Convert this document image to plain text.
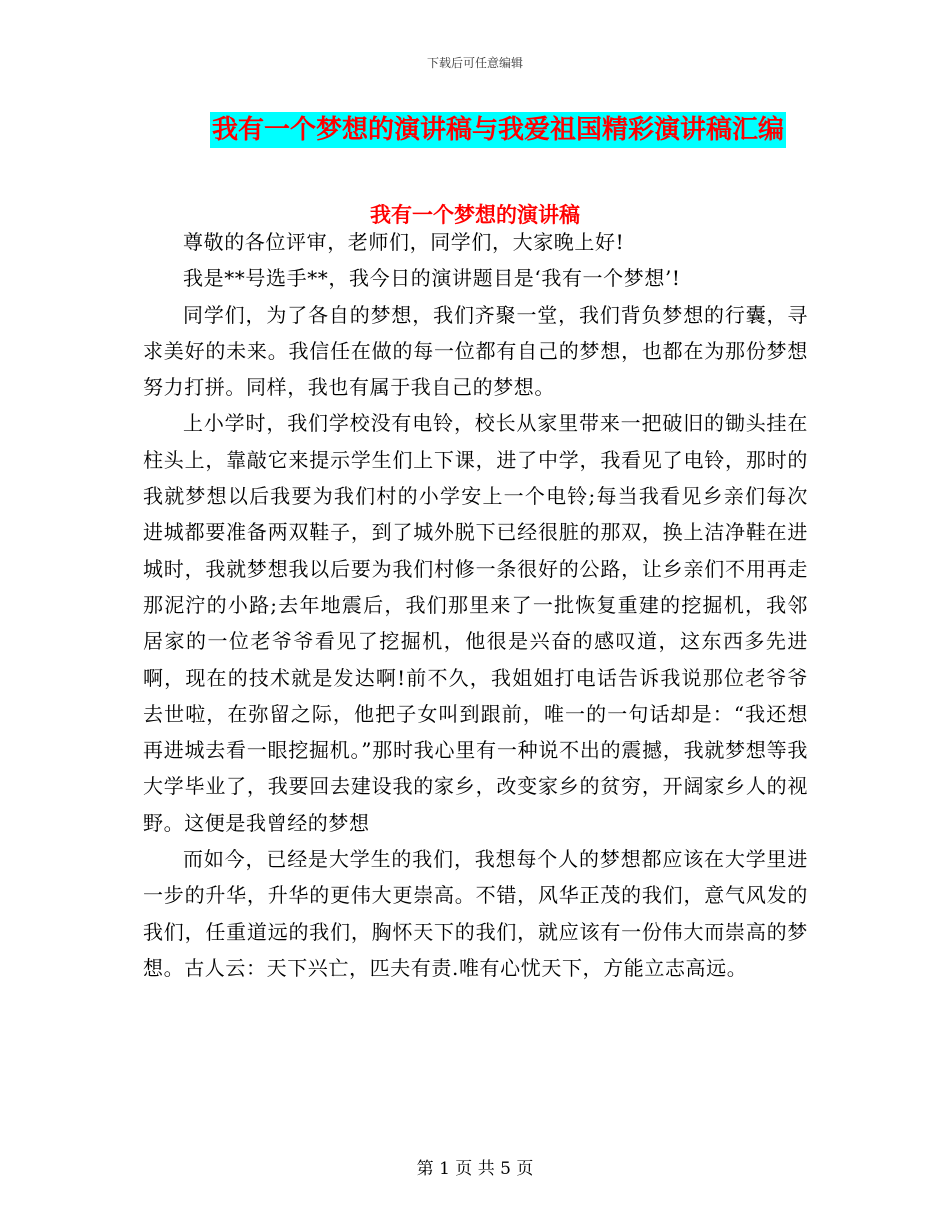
下载后可任意编辑
我有一个梦想的演讲稿与我爱祖国精彩演讲稿汇编
我有一个梦想的演讲稿

尊敬的各位评审，老师们，同学们，大家晚上好!

我是**号选手**，我今日的演讲题目是‘我有一个梦想’!

同学们，为了各自的梦想，我们齐聚一堂，我们背负梦想的行囊，寻求美好的未来。我信任在做的每一位都有自己的梦想，也都在为那份梦想努力打拼。同样，我也有属于我自己的梦想。

上小学时，我们学校没有电铃，校长从家里带来一把破旧的锄头挂在柱头上，靠敲它来提示学生们上下课，进了中学，我看见了电铃，那时的我就梦想以后我要为我们村的小学安上一个电铃;每当我看见乡亲们每次进城都要准备两双鞋子，到了城外脱下已经很脏的那双，换上洁净鞋在进城时，我就梦想我以后要为我们村修一条很好的公路，让乡亲们不用再走那泥泞的小路;去年地震后，我们那里来了一批恢复重建的挖掘机，我邻居家的一位老爷爷看见了挖掘机，他很是兴奋的感叹道，这东西多先进啊，现在的技术就是发达啊!前不久，我姐姐打电话告诉我说那位老爷爷去世啦，在弥留之际，他把子女叫到跟前，唯一的一句话却是：“我还想再进城去看一眼挖掘机。”那时我心里有一种说不出的震撼，我就梦想等我大学毕业了，我要回去建设我的家乡，改变家乡的贫穷，开阔家乡人的视野。这便是我曾经的梦想

而如今，已经是大学生的我们，我想每个人的梦想都应该在大学里进一步的升华，升华的更伟大更崇高。不错，风华正茂的我们，意气风发的我们，任重道远的我们，胸怀天下的我们，就应该有一份伟大而崇高的梦想。古人云：天下兴亡，匹夫有责.唯有心忧天下，方能立志高远。

第 1 页 共 5 页
